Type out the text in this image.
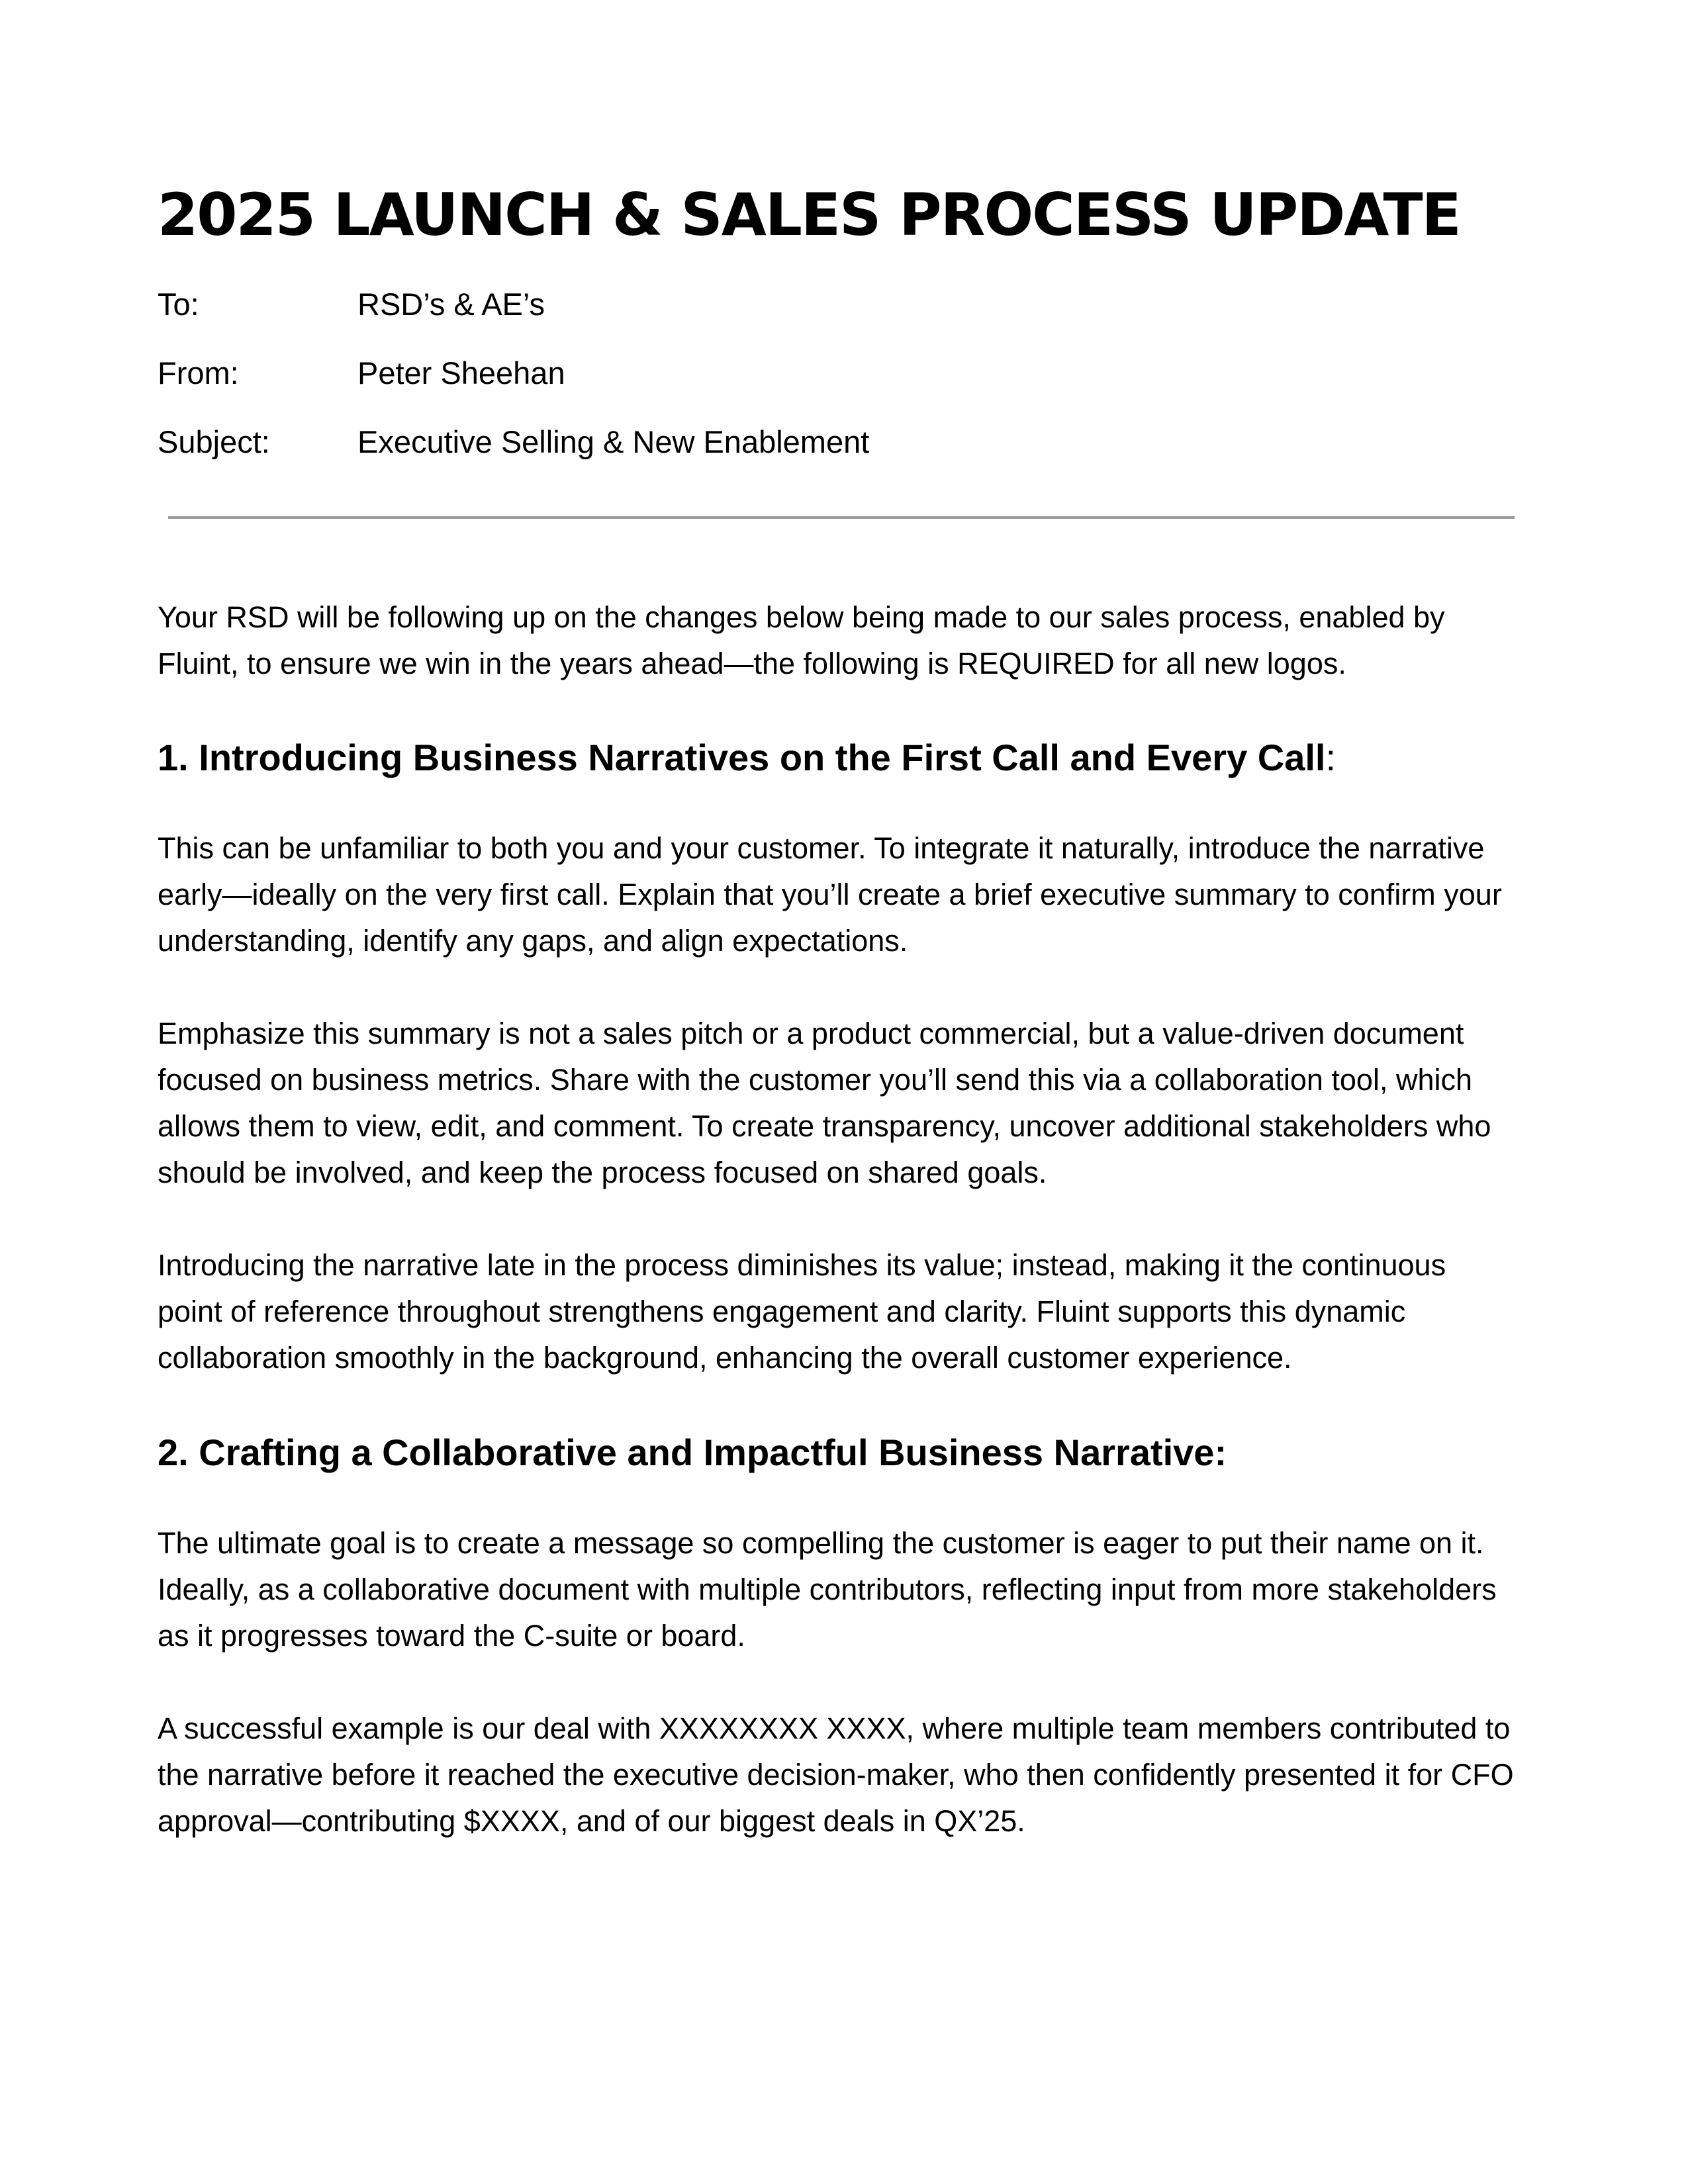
2025 LAUNCH & SALES PROCESS UPDATE
To:	RSD’s & AE’s
From:	Peter Sheehan
Subject:	Executive Selling & New Enablement

Your RSD will be following up on the changes below being made to our sales process, enabled by Fluint, to ensure we win in the years ahead—the following is REQUIRED for all new logos.

1. Introducing Business Narratives on the First Call and Every Call:

This can be unfamiliar to both you and your customer. To integrate it naturally, introduce the narrative early—ideally on the very first call. Explain that you’ll create a brief executive summary to confirm your understanding, identify any gaps, and align expectations.

Emphasize this summary is not a sales pitch or a product commercial, but a value-driven document focused on business metrics. Share with the customer you’ll send this via a collaboration tool, which allows them to view, edit, and comment. To create transparency, uncover additional stakeholders who should be involved, and keep the process focused on shared goals.

Introducing the narrative late in the process diminishes its value; instead, making it the continuous point of reference throughout strengthens engagement and clarity. Fluint supports this dynamic collaboration smoothly in the background, enhancing the overall customer experience.

2. Crafting a Collaborative and Impactful Business Narrative:

The ultimate goal is to create a message so compelling the customer is eager to put their name on it. Ideally, as a collaborative document with multiple contributors, reflecting input from more stakeholders as it progresses toward the C-suite or board.

A successful example is our deal with XXXXXXXX XXXX, where multiple team members contributed to the narrative before it reached the executive decision-maker, who then confidently presented it for CFO approval—contributing $XXXX, and of our biggest deals in QX’25.
